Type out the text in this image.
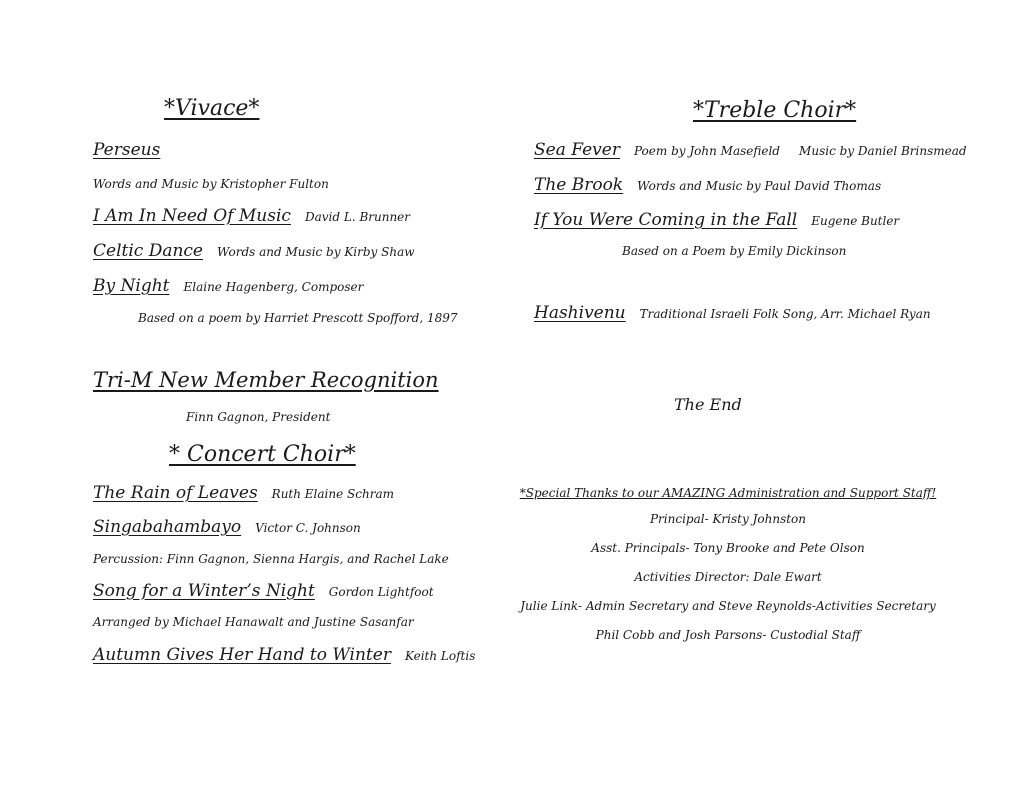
*Vivace*
Perseus
Words and Music by Kristopher Fulton
I Am In Need Of Music David L. Brunner
Celtic Dance Words and Music by Kirby Shaw
By Night Elaine Hagenberg, Composer
Based on a poem by Harriet Prescott Spofford, 1897
Tri-M New Member Recognition
Finn Gagnon, President
* Concert Choir*
The Rain of Leaves Ruth Elaine Schram
Singabahambayo Victor C. Johnson
Percussion: Finn Gagnon, Sienna Hargis, and Rachel Lake
Song for a Winter’s Night Gordon Lightfoot
Arranged by Michael Hanawalt and Justine Sasanfar
Autumn Gives Her Hand to Winter Keith Loftis
*Treble Choir*
Sea Fever Poem by John Masefield     Music by Daniel Brinsmead
The Brook Words and Music by Paul David Thomas
If You Were Coming in the Fall Eugene Butler
Based on a Poem by Emily Dickinson
Hashivenu Traditional Israeli Folk Song, Arr. Michael Ryan
The End
*Special Thanks to our AMAZING Administration and Support Staff!
Principal- Kristy Johnston
Asst. Principals- Tony Brooke and Pete Olson
Activities Director: Dale Ewart
Julie Link- Admin Secretary and Steve Reynolds-Activities Secretary
Phil Cobb and Josh Parsons- Custodial Staff
